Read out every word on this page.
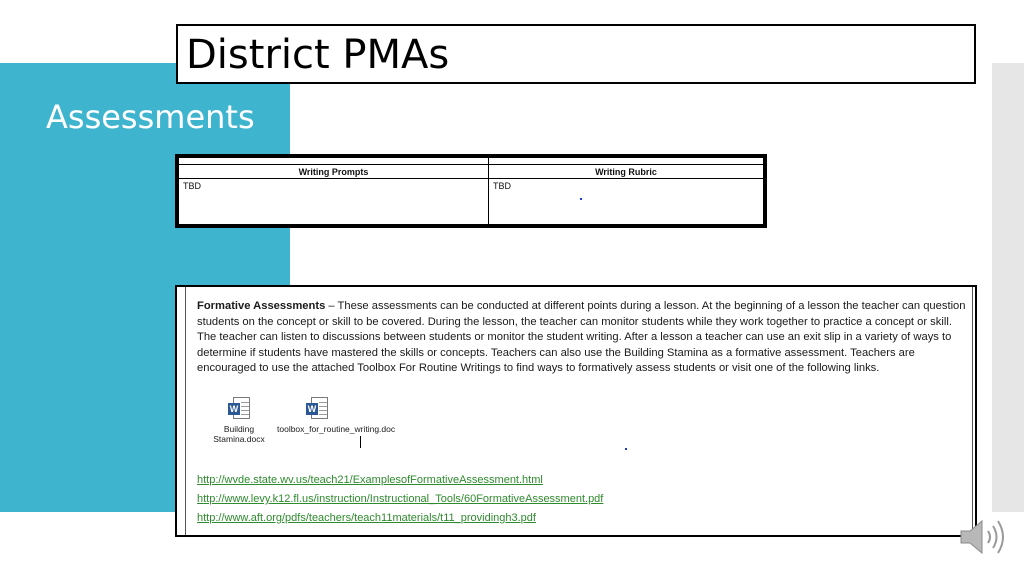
District PMAs
Assessments

Writing Prompts	Writing Rubric
TBD	TBD
Formative Assessments – These assessments can be conducted at different points during a lesson. At the beginning of a lesson the teacher can question students on the concept or skill to be covered. During the lesson, the teacher can monitor students while they work together to practice a concept or skill. The teacher can listen to discussions between students or monitor the student writing. After a lesson a teacher can use an exit slip in a variety of ways to determine if students have mastered the skills or concepts. Teachers can also use the Building Stamina as a formative assessment. Teachers are encouraged to use the attached Toolbox For Routine Writings to find ways to formatively assess students or visit one of the following links.
W
Building Stamina.docx
W
toolbox_for_routine_writing.doc
http://wvde.state.wv.us/teach21/ExamplesofFormativeAssessment.html
http://www.levy.k12.fl.us/instruction/Instructional_Tools/60FormativeAssessment.pdf
http://www.aft.org/pdfs/teachers/teach11materials/t11_providingh3.pdf
